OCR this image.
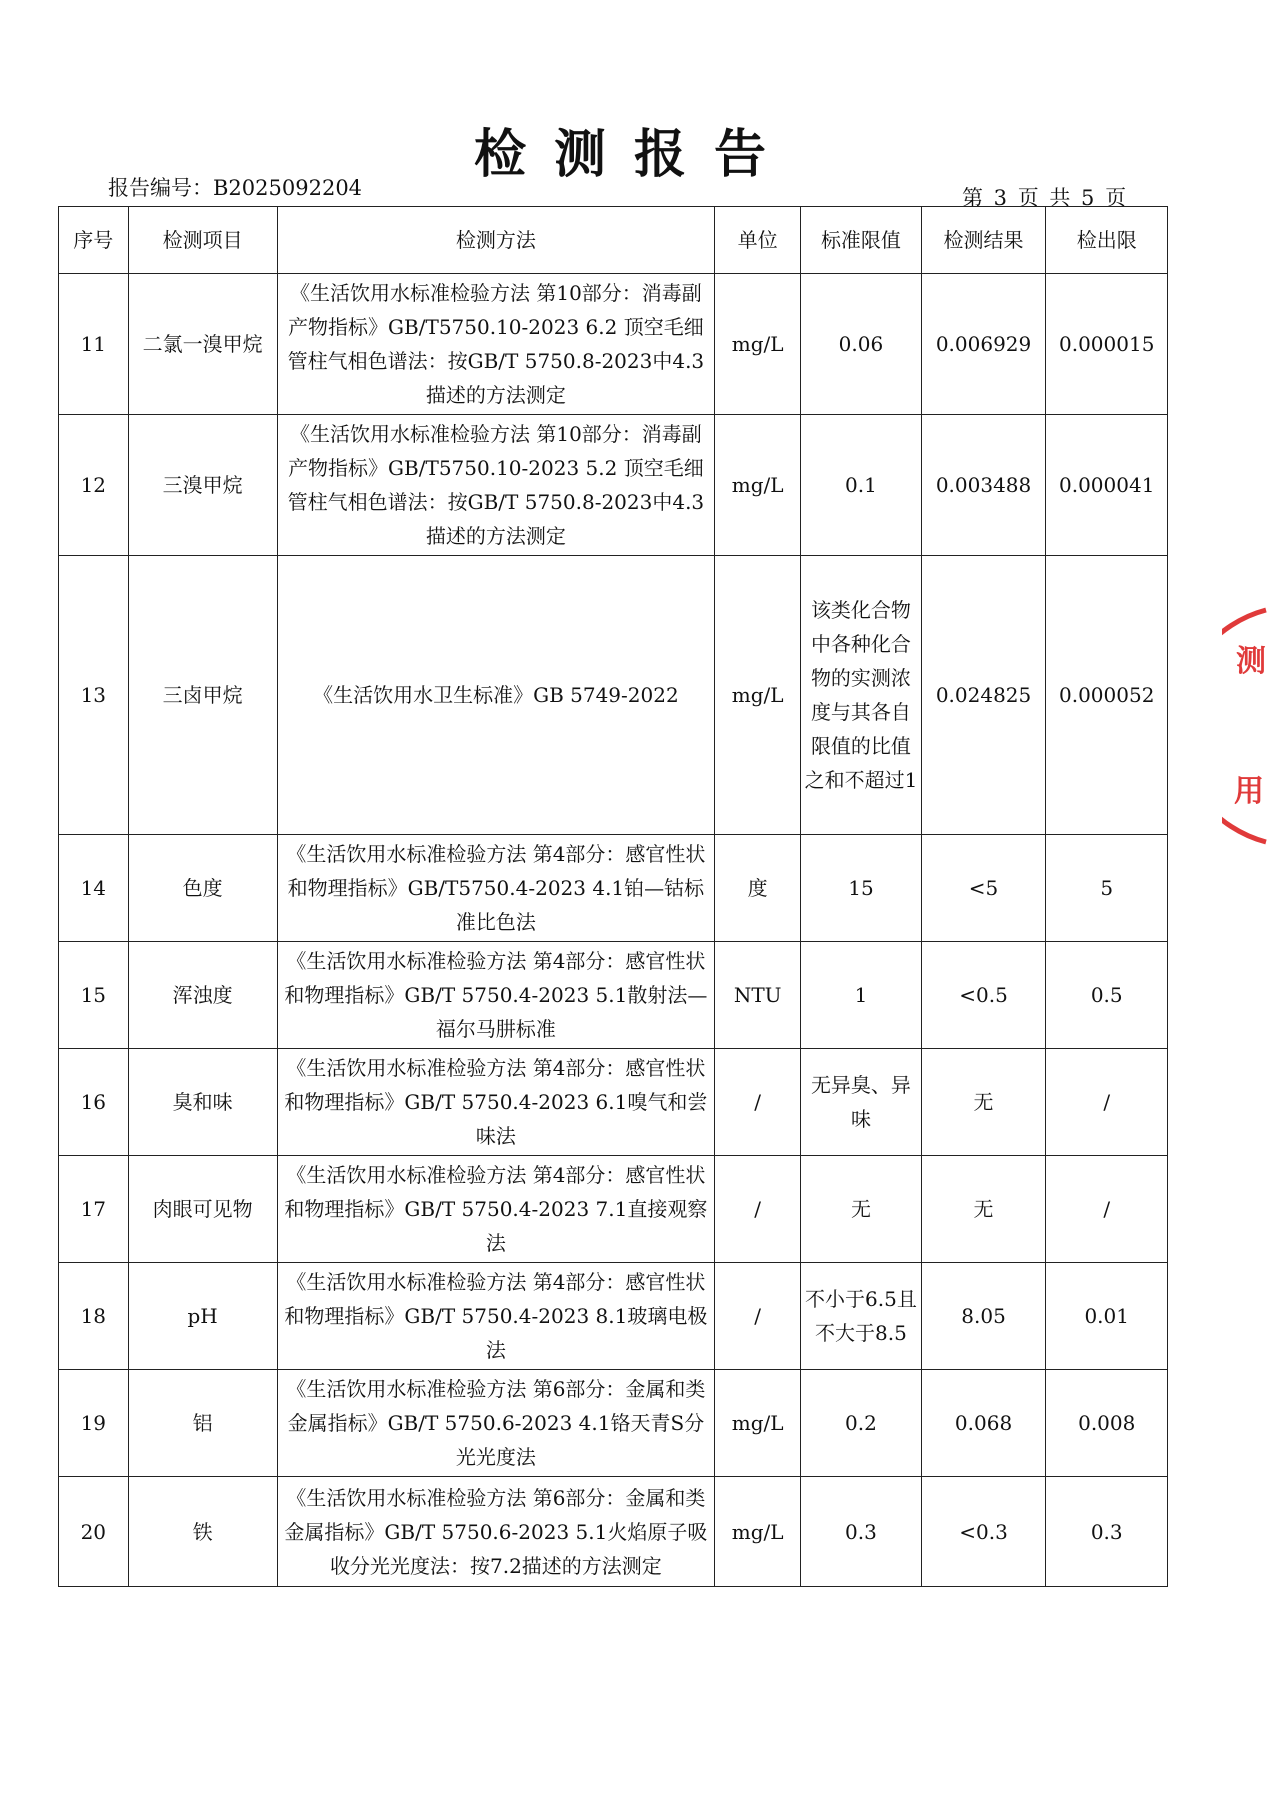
检测报告
报告编号：B2025092204	第 3 页 共 5 页
序号	检测项目	检测方法	单位	标准限值	检测结果	检出限
11	二氯一溴甲烷	《生活饮用水标准检验方法 第10部分：消毒副产物指标》GB/T5750.10-2023 6.2 顶空毛细管柱气相色谱法：按GB/T 5750.8-2023中4.3描述的方法测定	mg/L	0.06	0.006929	0.000015
12	三溴甲烷	《生活饮用水标准检验方法 第10部分：消毒副产物指标》GB/T5750.10-2023 5.2 顶空毛细管柱气相色谱法：按GB/T 5750.8-2023中4.3描述的方法测定	mg/L	0.1	0.003488	0.000041
13	三卤甲烷	《生活饮用水卫生标准》GB 5749-2022	mg/L	该类化合物中各种化合物的实测浓度与其各自限值的比值之和不超过1	0.024825	0.000052
14	色度	《生活饮用水标准检验方法 第4部分：感官性状和物理指标》GB/T5750.4-2023 4.1铂—钴标准比色法	度	15	<5	5
15	浑浊度	《生活饮用水标准检验方法 第4部分：感官性状和物理指标》GB/T 5750.4-2023 5.1散射法—福尔马肼标准	NTU	1	<0.5	0.5
16	臭和味	《生活饮用水标准检验方法 第4部分：感官性状和物理指标》GB/T 5750.4-2023 6.1嗅气和尝味法	/	无异臭、异味	无	/
17	肉眼可见物	《生活饮用水标准检验方法 第4部分：感官性状和物理指标》GB/T 5750.4-2023 7.1直接观察法	/	无	无	/
18	pH	《生活饮用水标准检验方法 第4部分：感官性状和物理指标》GB/T 5750.4-2023 8.1玻璃电极法	/	不小于6.5且不大于8.5	8.05	0.01
19	铝	《生活饮用水标准检验方法 第6部分：金属和类金属指标》GB/T 5750.6-2023 4.1铬天青S分光光度法	mg/L	0.2	0.068	0.008
20	铁	《生活饮用水标准检验方法 第6部分：金属和类金属指标》GB/T 5750.6-2023 5.1火焰原子吸收分光光度法：按7.2描述的方法测定	mg/L	0.3	<0.3	0.3
测
用
